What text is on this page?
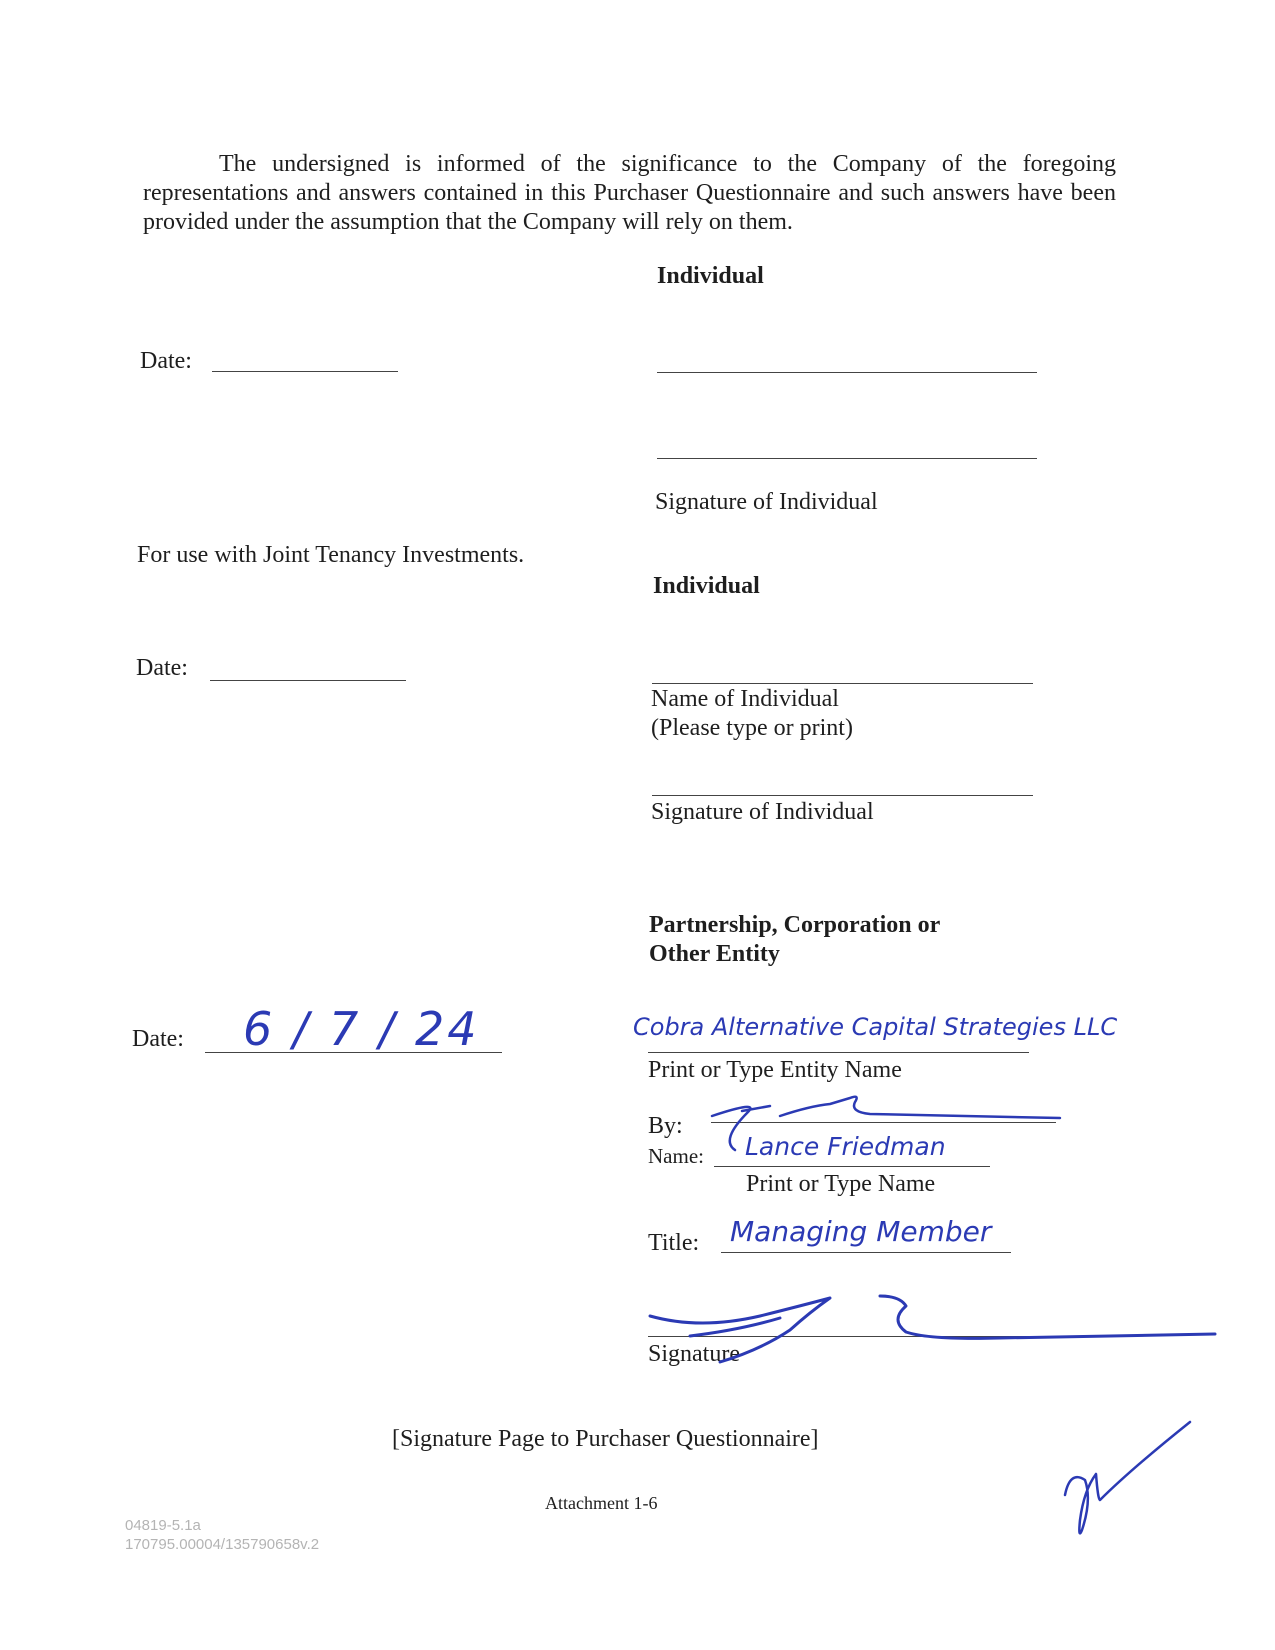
The undersigned is informed of the significance to the Company of the foregoing representations and answers contained in this Purchaser Questionnaire and such answers have been provided under the assumption that the Company will rely on them.
Individual
Date:
Signature of Individual
For use with Joint Tenancy Investments.
Individual
Date:
Name of Individual
(Please type or print)
Signature of Individual
Partnership, Corporation or
Other Entity
Date: 6 / 7 / 24	Cobra Alternative Capital Strategies LLC
Print or Type Entity Name
By:
Name: Lance Friedman
Print or Type Name
Title: Managing Member
Signature
[Signature Page to Purchaser Questionnaire]
Attachment 1-6
04819-5.1a
170795.00004/135790658v.2
